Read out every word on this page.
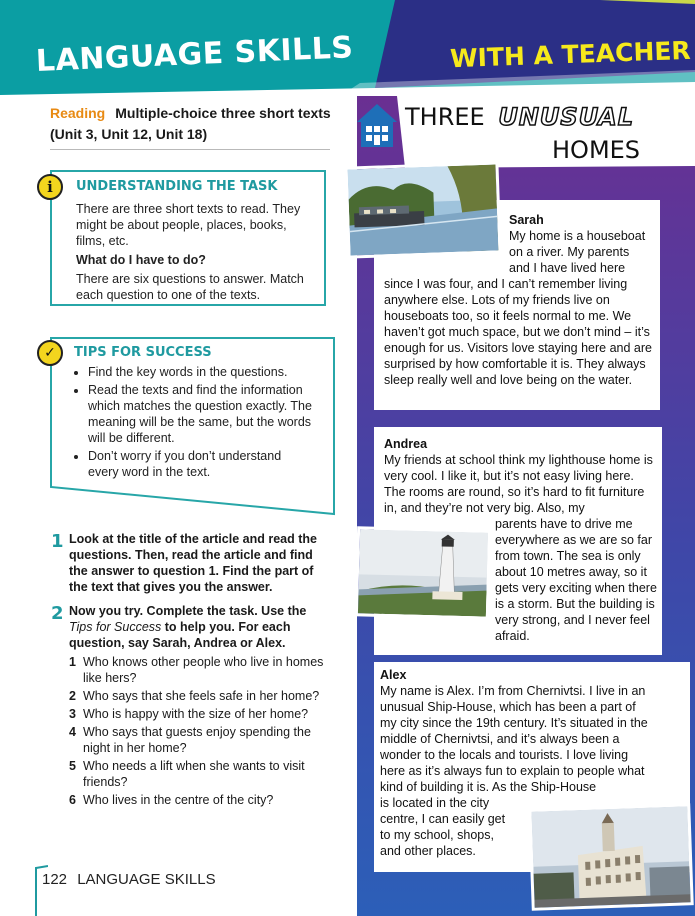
LANGUAGE SKILLS	WITH A TEACHER
Reading Multiple-choice three short texts
(Unit 3, Unit 12, Unit 18)
UNDERSTANDING THE TASK
There are three short texts to read. They might be about people, places, books, films, etc.
What do I have to do?
There are six questions to answer. Match each question to one of the texts.
i
TIPS FOR SUCCESS
• Find the key words in the questions.
• Read the texts and find the information which matches the question exactly. The meaning will be the same, but the words will be different.
• Don’t worry if you don’t understand every word in the text.
✓
1 Look at the title of the article and read the questions. Then, read the article and find the answer to question 1. Find the part of the text that gives you the answer.
2 Now you try. Complete the task. Use the Tips for Success to help you. For each question, say Sarah, Andrea or Alex.
1 Who knows other people who live in homes like hers?
2 Who says that she feels safe in her home?
3 Who is happy with the size of her home?
4 Who says that guests enjoy spending the night in her home?
5 Who needs a lift when she wants to visit friends?
6 Who lives in the centre of the city?
122 LANGUAGE SKILLS
THREE UNUSUAL
HOMES
Sarah
My home is a houseboat
on a river. My parents
and I have lived here
since I was four, and I can’t remember living anywhere else. Lots of my friends live on houseboats too, so it feels normal to me. We haven’t got much space, but we don’t mind – it’s enough for us. Visitors love staying here and are surprised by how comfortable it is. They always sleep really well and love being on the water.
Andrea
My friends at school think my lighthouse home is very cool. I like it, but it’s not easy living here. The rooms are round, so it’s hard to fit furniture in, and they’re not very big. Also, my
parents have to drive me everywhere as we are so far from town. The sea is only about 10 metres away, so it gets very exciting when there is a storm. But the building is very strong, and I never feel afraid.
Alex
My name is Alex. I’m from Chernivtsi. I live in an unusual Ship-House, which has been a part of my city since the 19th century. It’s situated in the middle of Chernivtsi, and it’s always been a wonder to the locals and tourists. I love living here as it’s always fun to explain to people what kind of building it is. As the Ship-House
is located in the city centre, I can easily get to my school, shops, and other places.
